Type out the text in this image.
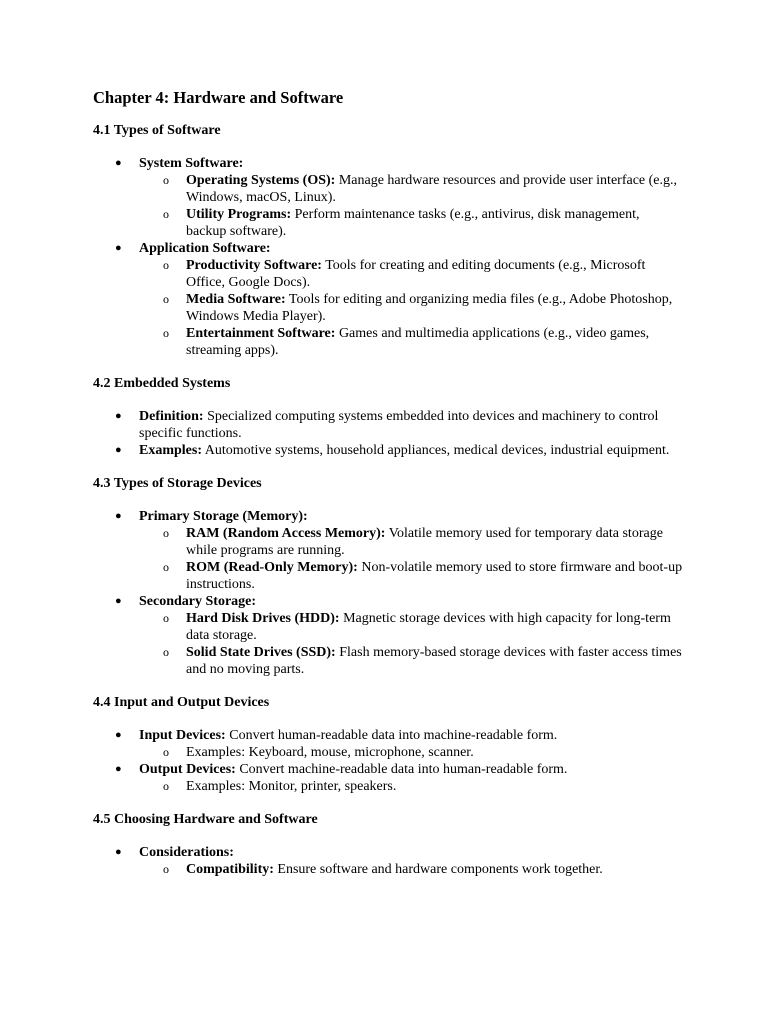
Chapter 4: Hardware and Software
4.1 Types of Software
● System Software:
o Operating Systems (OS): Manage hardware resources and provide user interface (e.g., Windows, macOS, Linux).
o Utility Programs: Perform maintenance tasks (e.g., antivirus, disk management, backup software).
● Application Software:
o Productivity Software: Tools for creating and editing documents (e.g., Microsoft Office, Google Docs).
o Media Software: Tools for editing and organizing media files (e.g., Adobe Photoshop, Windows Media Player).
o Entertainment Software: Games and multimedia applications (e.g., video games, streaming apps).
4.2 Embedded Systems
● Definition: Specialized computing systems embedded into devices and machinery to control specific functions.
● Examples: Automotive systems, household appliances, medical devices, industrial equipment.
4.3 Types of Storage Devices
● Primary Storage (Memory):
o RAM (Random Access Memory): Volatile memory used for temporary data storage while programs are running.
o ROM (Read-Only Memory): Non-volatile memory used to store firmware and boot-up instructions.
● Secondary Storage:
o Hard Disk Drives (HDD): Magnetic storage devices with high capacity for long-term data storage.
o Solid State Drives (SSD): Flash memory-based storage devices with faster access times and no moving parts.
4.4 Input and Output Devices
● Input Devices: Convert human-readable data into machine-readable form.
o Examples: Keyboard, mouse, microphone, scanner.
● Output Devices: Convert machine-readable data into human-readable form.
o Examples: Monitor, printer, speakers.
4.5 Choosing Hardware and Software
● Considerations:
o Compatibility: Ensure software and hardware components work together.
